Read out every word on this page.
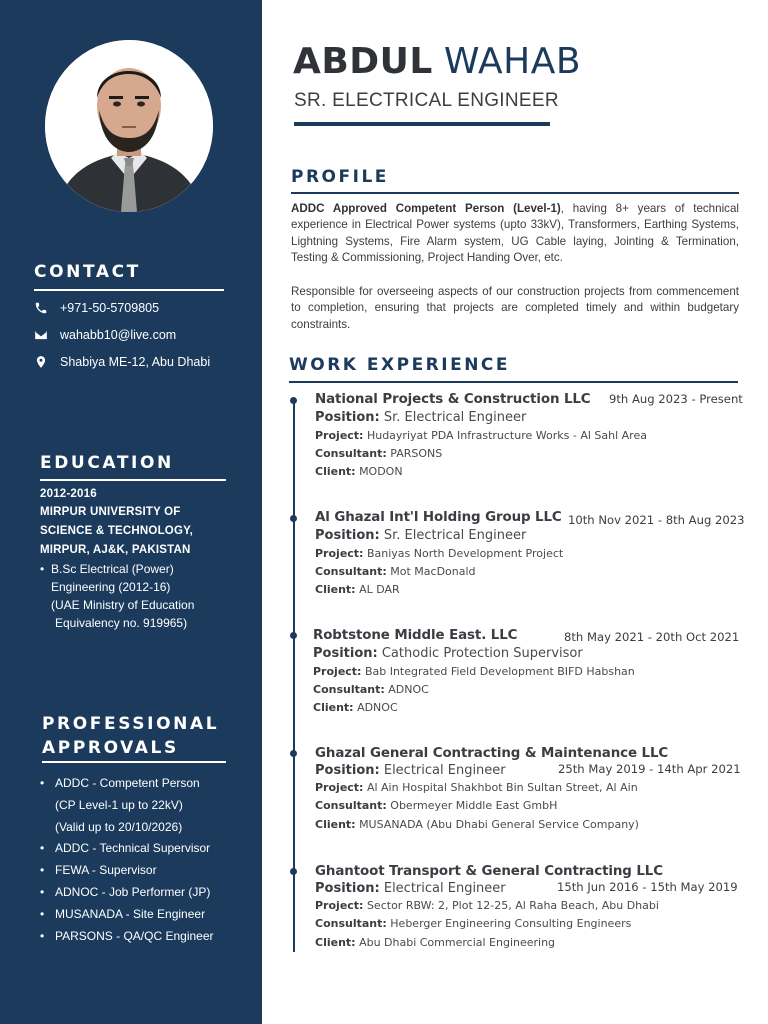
CONTACT
+971-50-5709805
wahabb10@live.com
Shabiya ME-12, Abu Dhabi
EDUCATION
2012-2016
MIRPUR UNIVERSITY OF
SCIENCE & TECHNOLOGY,
MIRPUR, AJ&K, PAKISTAN
• B.Sc Electrical (Power)
Engineering (2012-16)
(UAE Ministry of Education
Equivalency no. 919965)
PROFESSIONAL
APPROVALS
• ADDC - Competent Person
(CP Level-1 up to 22kV)
(Valid up to 20/10/2026)
• ADDC - Technical Supervisor
• FEWA - Supervisor
• ADNOC - Job Performer (JP)
• MUSANADA - Site Engineer
• PARSONS - QA/QC Engineer
ABDUL WAHAB
SR. ELECTRICAL ENGINEER
PROFILE

ADDC Approved Competent Person (Level-1), having 8+ years of technical experience in Electrical Power systems (upto 33kV), Transformers, Earthing Systems, Lightning Systems, Fire Alarm system, UG Cable laying, Jointing & Termination, Testing & Commissioning, Project Handing Over, etc.

Responsible for overseeing aspects of our construction projects from commencement to completion, ensuring that projects are completed timely and within budgetary constraints.

WORK EXPERIENCE
National Projects & Construction LLC 9th Aug 2023 - Present
Position: Sr. Electrical Engineer
Project: Hudayriyat PDA Infrastructure Works - Al Sahl Area
Consultant: PARSONS
Client: MODON
Al Ghazal Int'l Holding Group LLC 10th Nov 2021 - 8th Aug 2023
Position: Sr. Electrical Engineer
Project: Baniyas North Development Project
Consultant: Mot MacDonald
Client: AL DAR
Robtstone Middle East. LLC	8th May 2021 - 20th Oct 2021
Position: Cathodic Protection Supervisor
Project: Bab Integrated Field Development BIFD Habshan
Consultant: ADNOC
Client: ADNOC
Ghazal General Contracting & Maintenance LLC
25th May 2019 - 14th Apr 2021
Position: Electrical Engineer
Project: Al Ain Hospital Shakhbot Bin Sultan Street, Al Ain
Consultant: Obermeyer Middle East GmbH
Client: MUSANADA (Abu Dhabi General Service Company)
Ghantoot Transport & General Contracting LLC
15th Jun 2016 - 15th May 2019
Position: Electrical Engineer
Project: Sector RBW: 2, Plot 12-25, Al Raha Beach, Abu Dhabi
Consultant: Heberger Engineering Consulting Engineers
Client: Abu Dhabi Commercial Engineering
